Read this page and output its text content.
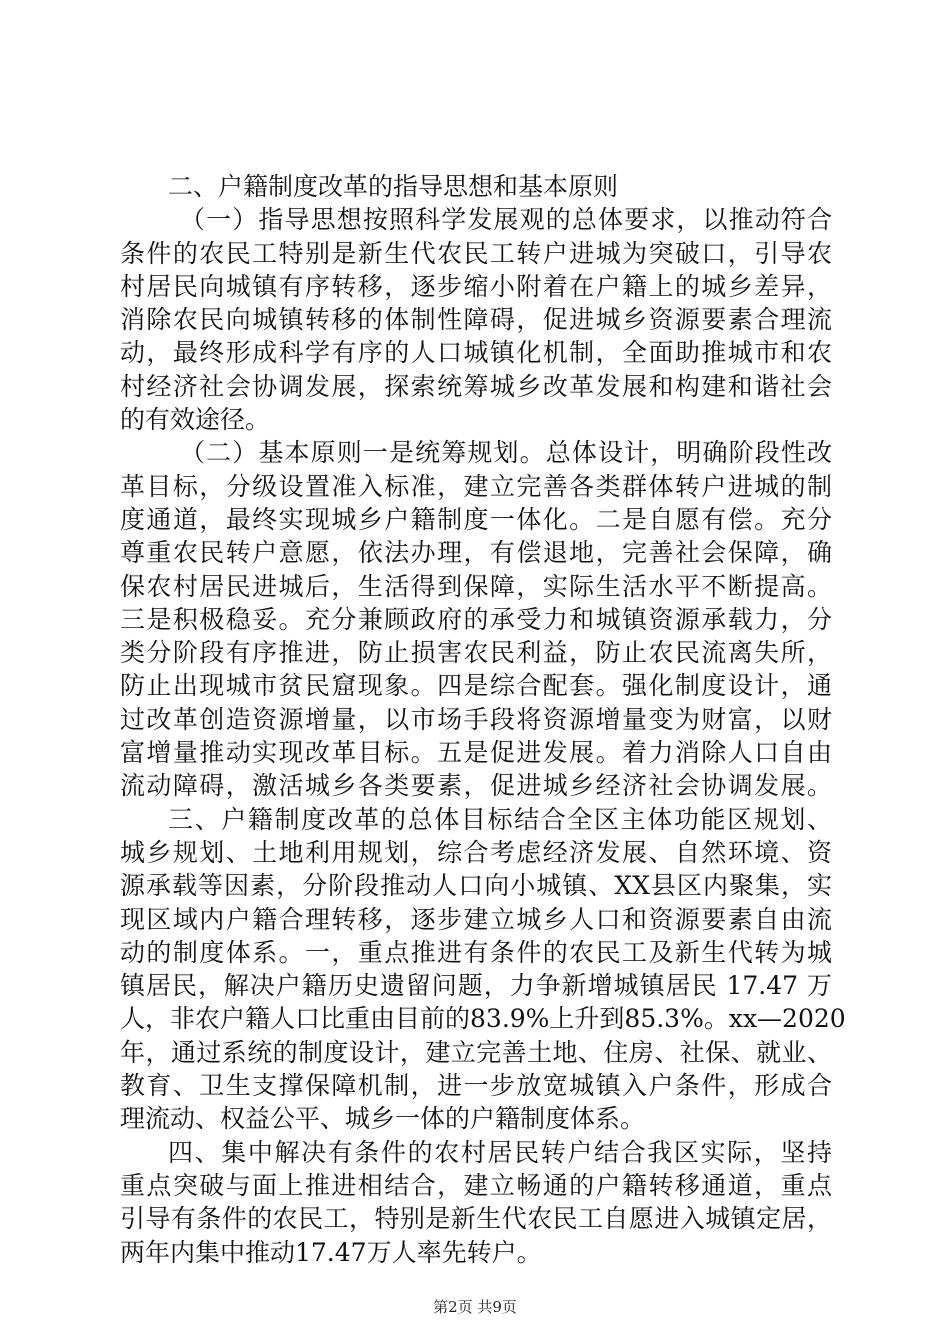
二、户籍制度改革的指导思想和基本原则
（一）指导思想按照科学发展观的总体要求，以推动符合
条件的农民工特别是新生代农民工转户进城为突破口，引导农
村居民向城镇有序转移，逐步缩小附着在户籍上的城乡差异，
消除农民向城镇转移的体制性障碍，促进城乡资源要素合理流
动，最终形成科学有序的人口城镇化机制，全面助推城市和农
村经济社会协调发展，探索统筹城乡改革发展和构建和谐社会
的有效途径。
（二）基本原则一是统筹规划。总体设计，明确阶段性改
革目标，分级设置准入标准，建立完善各类群体转户进城的制
度通道，最终实现城乡户籍制度一体化。二是自愿有偿。充分
尊重农民转户意愿，依法办理，有偿退地，完善社会保障，确
保农村居民进城后，生活得到保障，实际生活水平不断提高。
三是积极稳妥。充分兼顾政府的承受力和城镇资源承载力，分
类分阶段有序推进，防止损害农民利益，防止农民流离失所，
防止出现城市贫民窟现象。四是综合配套。强化制度设计，通
过改革创造资源增量，以市场手段将资源增量变为财富，以财
富增量推动实现改革目标。五是促进发展。着力消除人口自由
流动障碍，激活城乡各类要素，促进城乡经济社会协调发展。
三、户籍制度改革的总体目标结合全区主体功能区规划、
城乡规划、土地利用规划，综合考虑经济发展、自然环境、资
源承载等因素，分阶段推动人口向小城镇、XX县区内聚集，实
现区域内户籍合理转移，逐步建立城乡人口和资源要素自由流
动的制度体系。一，重点推进有条件的农民工及新生代转为城
镇居民，解决户籍历史遗留问题，力争新增城镇居民 17.47 万
人，非农户籍人口比重由目前的83.9%上升到85.3%。xx—2020
年，通过系统的制度设计，建立完善土地、住房、社保、就业、
教育、卫生支撑保障机制，进一步放宽城镇入户条件，形成合
理流动、权益公平、城乡一体的户籍制度体系。
四、集中解决有条件的农村居民转户结合我区实际，坚持
重点突破与面上推进相结合，建立畅通的户籍转移通道，重点
引导有条件的农民工，特别是新生代农民工自愿进入城镇定居，
两年内集中推动17.47万人率先转户。
第2页 共9页
